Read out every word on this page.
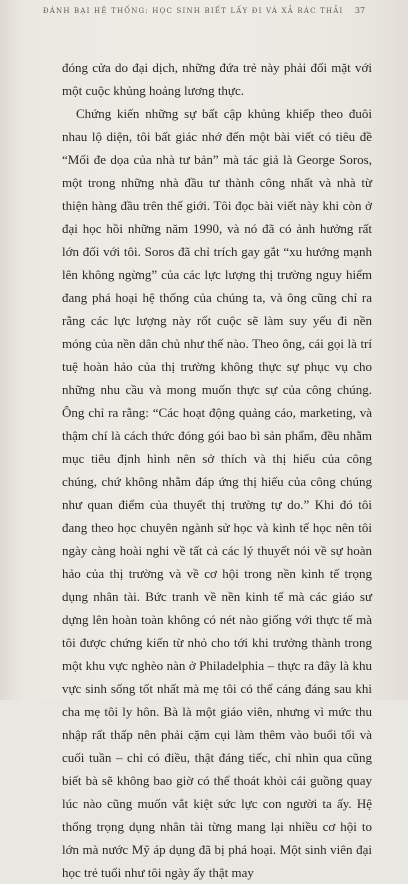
ĐÁNH BẠI HỆ THỐNG: HỌC SINH BIẾT LẤY ĐI VÀ XẢ RÁC THẢI 37

đóng cửa do đại dịch, những đứa trẻ này phải đối mặt với một cuộc khủng hoảng lương thực.

Chứng kiến những sự bất cập khủng khiếp theo đuôi nhau lộ diện, tôi bất giác nhớ đến một bài viết có tiêu đề “Mối đe dọa của nhà tư bản” mà tác giả là George Soros, một trong những nhà đầu tư thành công nhất và nhà từ thiện hàng đầu trên thế giới. Tôi đọc bài viết này khi còn ở đại học hồi những năm 1990, và nó đã có ảnh hưởng rất lớn đối với tôi. Soros đã chỉ trích gay gắt “xu hướng mạnh lên không ngừng” của các lực lượng thị trường nguy hiểm đang phá hoại hệ thống của chúng ta, và ông cũng chỉ ra rằng các lực lượng này rốt cuộc sẽ làm suy yếu đi nền móng của nền dân chủ như thế nào. Theo ông, cái gọi là trí tuệ hoàn hảo của thị trường không thực sự phục vụ cho những nhu cầu và mong muốn thực sự của công chúng. Ông chỉ ra rằng: “Các hoạt động quảng cáo, marketing, và thậm chí là cách thức đóng gói bao bì sản phẩm, đều nhằm mục tiêu định hình nên sở thích và thị hiếu của công chúng, chứ không nhằm đáp ứng thị hiếu của công chúng như quan điểm của thuyết thị trường tự do.” Khi đó tôi đang theo học chuyên ngành sử học và kinh tế học nên tôi ngày càng hoài nghi về tất cả các lý thuyết nói về sự hoàn hảo của thị trường và về cơ hội trong nền kinh tế trọng dụng nhân tài. Bức tranh về nền kinh tế mà các giáo sư dựng lên hoàn toàn không có nét nào giống với thực tế mà tôi được chứng kiến từ nhỏ cho tới khi trưởng thành trong một khu vực nghèo nàn ở Philadelphia – thực ra đây là khu vực sinh sống tốt nhất mà mẹ tôi có thể cáng đáng sau khi cha mẹ tôi ly hôn. Bà là một giáo viên, nhưng vì mức thu nhập rất thấp nên phải cặm cụi làm thêm vào buổi tối và cuối tuần – chỉ có điều, thật đáng tiếc, chỉ nhìn qua cũng biết bà sẽ không bao giờ có thể thoát khỏi cái guồng quay lúc nào cũng muốn vắt kiệt sức lực con người ta ấy. Hệ thống trọng dụng nhân tài từng mang lại nhiều cơ hội to lớn mà nước Mỹ áp dụng đã bị phá hoại. Một sinh viên đại học trẻ tuổi như tôi ngày ấy thật may
